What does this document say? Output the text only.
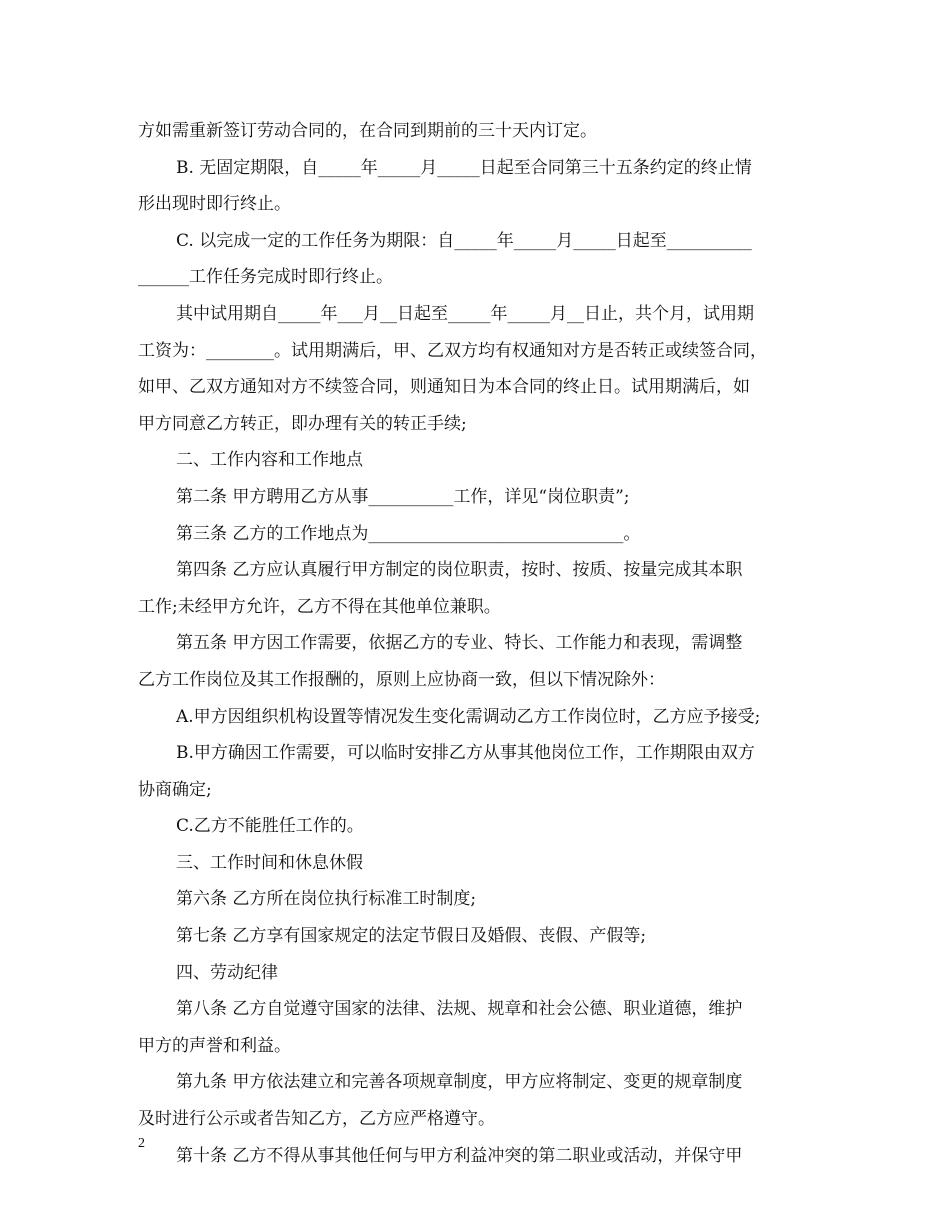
方如需重新签订劳动合同的，在合同到期前的三十天内订定。
B. 无固定期限，自_____年_____月_____日起至合同第三十五条约定的终止情
形出现时即行终止。
C. 以完成一定的工作任务为期限：自_____年_____月_____日起至__________
______工作任务完成时即行终止。
其中试用期自_____年___月__日起至_____年_____月__日止，共个月，试用期
工资为：________。试用期满后，甲、乙双方均有权通知对方是否转正或续签合同，
如甲、乙双方通知对方不续签合同，则通知日为本合同的终止日。试用期满后，如
甲方同意乙方转正，即办理有关的转正手续;
二、工作内容和工作地点
第二条 甲方聘用乙方从事__________工作，详见“岗位职责”;
第三条 乙方的工作地点为______________________________。
第四条 乙方应认真履行甲方制定的岗位职责，按时、按质、按量完成其本职
工作;未经甲方允许，乙方不得在其他单位兼职。
第五条 甲方因工作需要，依据乙方的专业、特长、工作能力和表现，需调整
乙方工作岗位及其工作报酬的，原则上应协商一致，但以下情况除外：
A.甲方因组织机构设置等情况发生变化需调动乙方工作岗位时，乙方应予接受;
B.甲方确因工作需要，可以临时安排乙方从事其他岗位工作，工作期限由双方
协商确定;
C.乙方不能胜任工作的。
三、工作时间和休息休假
第六条 乙方所在岗位执行标准工时制度;
第七条 乙方享有国家规定的法定节假日及婚假、丧假、产假等;
四、劳动纪律
第八条 乙方自觉遵守国家的法律、法规、规章和社会公德、职业道德，维护
甲方的声誉和利益。
第九条 甲方依法建立和完善各项规章制度，甲方应将制定、变更的规章制度
及时进行公示或者告知乙方，乙方应严格遵守。
第十条 乙方不得从事其他任何与甲方利益冲突的第二职业或活动，并保守甲
2
